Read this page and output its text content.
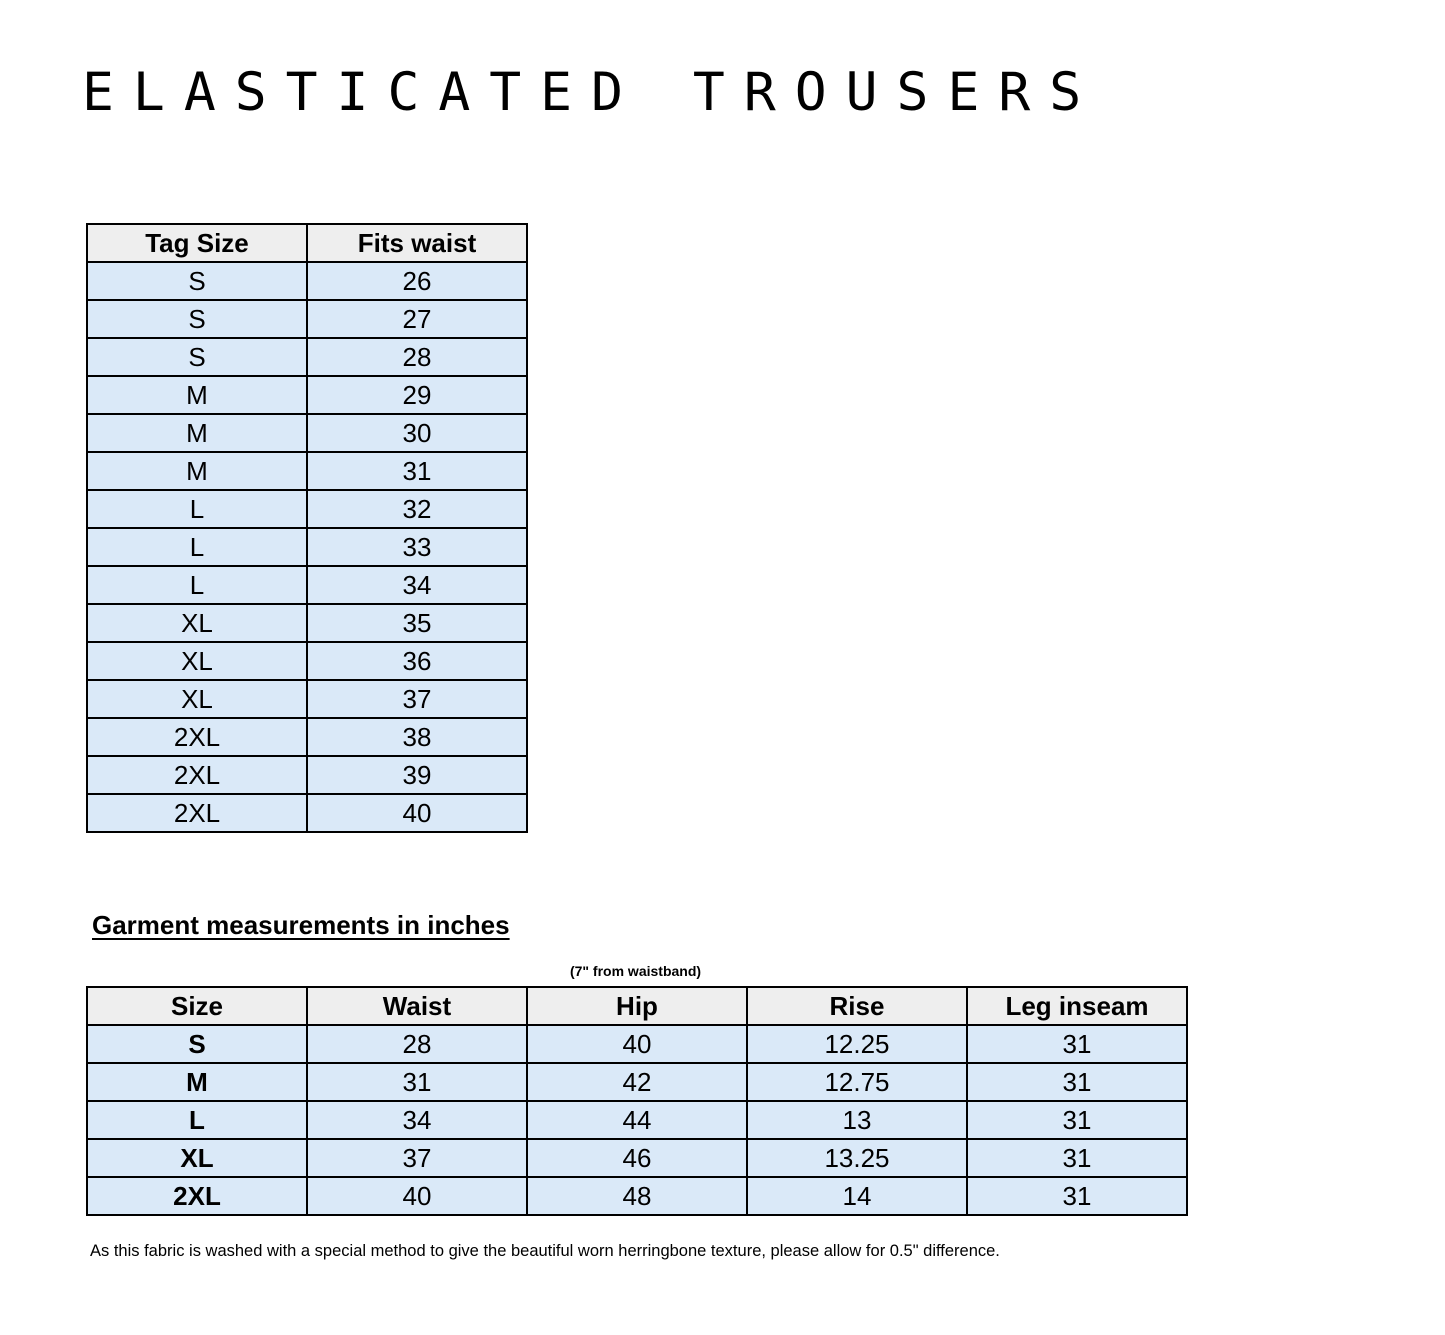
ELASTICATED TROUSERS
Tag Size	Fits waist
S	26
S	27
S	28
M	29
M	30
M	31
L	32
L	33
L	34
XL	35
XL	36
XL	37
2XL	38
2XL	39
2XL	40
Garment measurements in inches
(7" from waistband)
Size	Waist	Hip	Rise	Leg inseam
S	28	40	12.25	31
M	31	42	12.75	31
L	34	44	13	31
XL	37	46	13.25	31
2XL	40	48	14	31
As this fabric is washed with a special method to give the beautiful worn herringbone texture, please allow for 0.5" difference.
